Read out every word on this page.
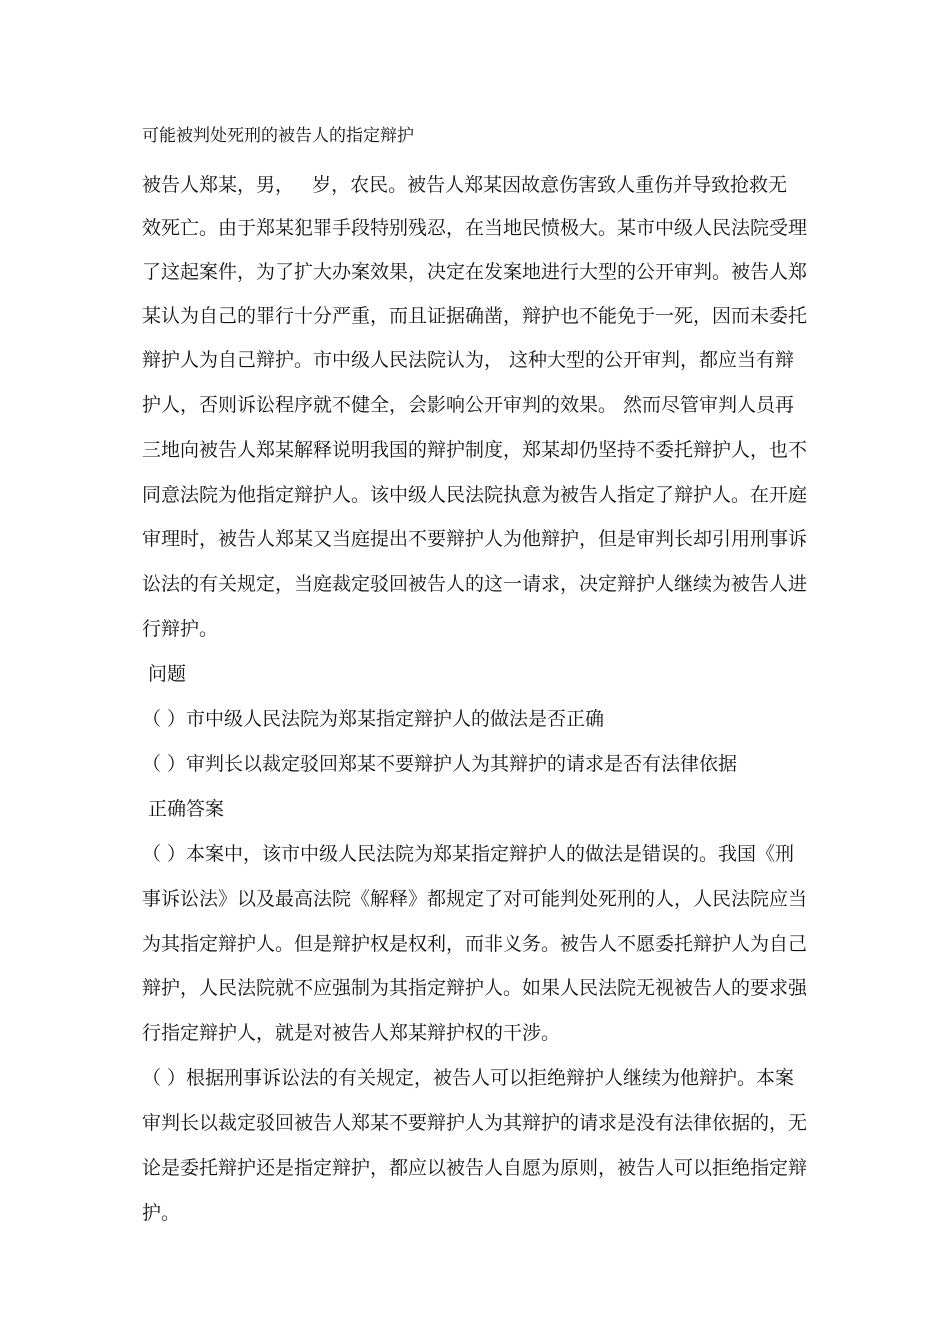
可能被判处死刑的被告人的指定辩护
被告人郑某，男，   岁，农民。被告人郑某因故意伤害致人重伤并导致抢救无
效死亡。由于郑某犯罪手段特别残忍，在当地民愤极大。某市中级人民法院受理
了这起案件，为了扩大办案效果，决定在发案地进行大型的公开审判。被告人郑
某认为自己的罪行十分严重，而且证据确凿，辩护也不能免于一死，因而未委托
辩护人为自己辩护。市中级人民法院认为， 这种大型的公开审判，都应当有辩
护人，否则诉讼程序就不健全，会影响公开审判的效果。 然而尽管审判人员再
三地向被告人郑某解释说明我国的辩护制度，郑某却仍坚持不委托辩护人，也不
同意法院为他指定辩护人。该中级人民法院执意为被告人指定了辩护人。在开庭
审理时，被告人郑某又当庭提出不要辩护人为他辩护，但是审判长却引用刑事诉
讼法的有关规定，当庭裁定驳回被告人的这一请求，决定辩护人继续为被告人进
行辩护。
问题
（ ）市中级人民法院为郑某指定辩护人的做法是否正确
（ ）审判长以裁定驳回郑某不要辩护人为其辩护的请求是否有法律依据
正确答案
（ ）本案中，该市中级人民法院为郑某指定辩护人的做法是错误的。我国《刑
事诉讼法》以及最高法院《解释》都规定了对可能判处死刑的人，人民法院应当
为其指定辩护人。但是辩护权是权利，而非义务。被告人不愿委托辩护人为自己
辩护，人民法院就不应强制为其指定辩护人。如果人民法院无视被告人的要求强
行指定辩护人，就是对被告人郑某辩护权的干涉。
（ ）根据刑事诉讼法的有关规定，被告人可以拒绝辩护人继续为他辩护。本案
审判长以裁定驳回被告人郑某不要辩护人为其辩护的请求是没有法律依据的，无
论是委托辩护还是指定辩护，都应以被告人自愿为原则，被告人可以拒绝指定辩
护。
